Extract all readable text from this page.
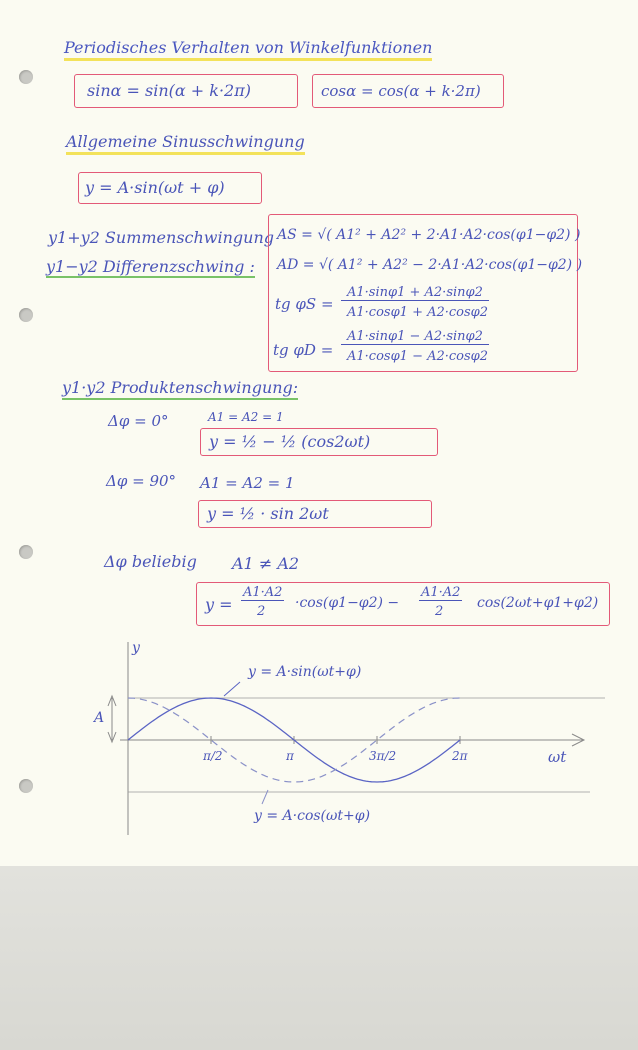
Periodisches Verhalten von Winkelfunktionen
sinα = sin(α + k·2π)	cosα = cos(α + k·2π)
Allgemeine Sinusschwingung
y = A·sin(ωt + φ)
y1+y2 Summenschwingung
y1−y2 Differenzschwing :
AS = √( A1² + A2² + 2·A1·A2·cos(φ1−φ2) )
AD = √( A1² + A2² − 2·A1·A2·cos(φ1−φ2) )
tg φS =
A1·sinφ1 + A2·sinφ2
A1·cosφ1 + A2·cosφ2
tg φD =
A1·sinφ1 − A2·sinφ2
A1·cosφ1 − A2·cosφ2
y1·y2 Produktenschwingung:
Δφ = 0°	A1 = A2 = 1
y = ½ − ½ (cos2ωt)
Δφ = 90° A1 = A2 = 1
y = ½ · sin 2ωt
Δφ beliebig A1 ≠ A2
y =
A1·A2
2
·cos(φ1−φ2) −
A1·A2
2
cos(2ωt+φ1+φ2)
π/2	π	3π/2	2π
y
ωt
A
y = A·sin(ωt+φ)
y = A·cos(ωt+φ)
